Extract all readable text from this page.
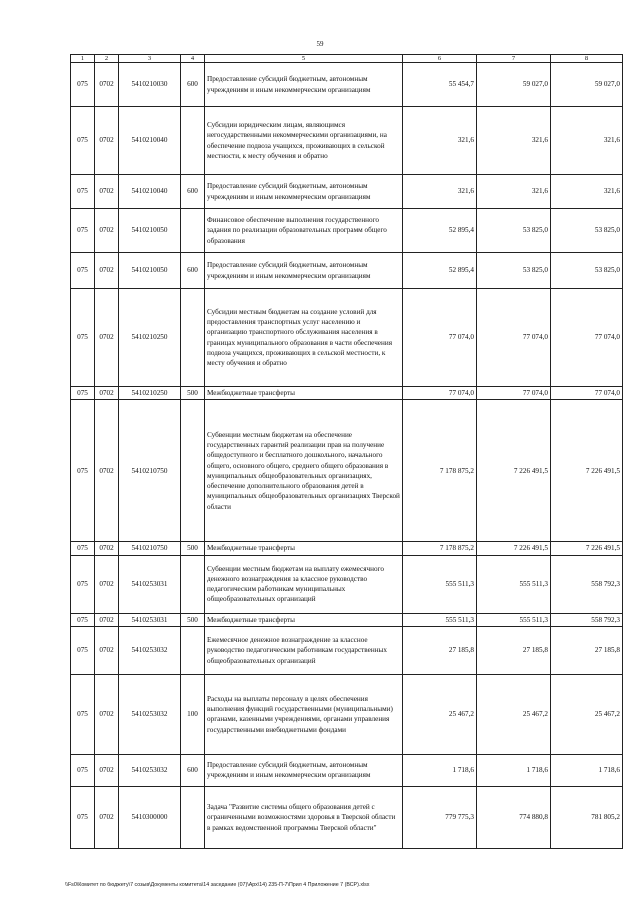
59
1	2	3	4	5	6	7	8
075	0702	5410210030	600	Предоставление субсидий бюджетным, автономным учреждениям и иным некоммерческим организациям	55 454,7	59 027,0	59 027,0
075	0702	5410210040		Субсидии юридическим лицам, являющимся негосударственными некоммерческими организациями, на обеспечение подвоза учащихся, проживающих в сельской местности, к месту обучения и обратно	321,6	321,6	321,6
075	0702	5410210040	600	Предоставление субсидий бюджетным, автономным учреждениям и иным некоммерческим организациям	321,6	321,6	321,6
075	0702	5410210050		Финансовое обеспечение выполнения государственного задания по реализации образовательных программ общего образования	52 895,4	53 825,0	53 825,0
075	0702	5410210050	600	Предоставление субсидий бюджетным, автономным учреждениям и иным некоммерческим организациям	52 895,4	53 825,0	53 825,0
075	0702	5410210250		Субсидии местным бюджетам на создание условий для предоставления транспортных услуг населению и организацию транспортного обслуживания населения в границах муниципального образования в части обеспечения подвоза учащихся, проживающих в сельской местности, к месту обучения и обратно	77 074,0	77 074,0	77 074,0
075	0702	5410210250	500	Межбюджетные трансферты	77 074,0	77 074,0	77 074,0
075	0702	5410210750		Субвенции местным бюджетам на обеспечение государственных гарантий реализации прав на получение общедоступного и бесплатного дошкольного, начального общего, основного общего, среднего общего образования в муниципальных общеобразовательных организациях, обеспечение дополнительного образования детей в муниципальных общеобразовательных организациях Тверской области	7 178 875,2	7 226 491,5	7 226 491,5
075	0702	5410210750	500	Межбюджетные трансферты	7 178 875,2	7 226 491,5	7 226 491,5
075	0702	5410253031		Субвенции местным бюджетам на выплату ежемесячного денежного вознаграждения за классное руководство педагогическим работникам муниципальных общеобразовательных организаций	555 511,3	555 511,3	558 792,3
075	0702	5410253031	500	Межбюджетные трансферты	555 511,3	555 511,3	558 792,3
075	0702	5410253032		Ежемесячное денежное вознаграждение за классное руководство педагогическим работникам государственных общеобразовательных организаций	27 185,8	27 185,8	27 185,8
075	0702	5410253032	100	Расходы на выплаты персоналу в целях обеспечения выполнения функций государственными (муниципальными) органами, казенными учреждениями, органами управления государственными внебюджетными фондами	25 467,2	25 467,2	25 467,2
075	0702	5410253032	600	Предоставление субсидий бюджетным, автономным учреждениям и иным некоммерческим организациям	1 718,6	1 718,6	1 718,6
075	0702	5410300000		Задача "Развитие системы общего образования детей с ограниченными возможностями здоровья в Тверской области в рамках ведомственной программы Тверской области"	779 775,3	774 880,8	781 805,2
\\Fs0\Комитет по бюджету\7 созыв\Документы комитета\14 заседание (07)\Арх\14) 235-П-7\Прил 4 Приложение 7 (ВСР).xlsx
